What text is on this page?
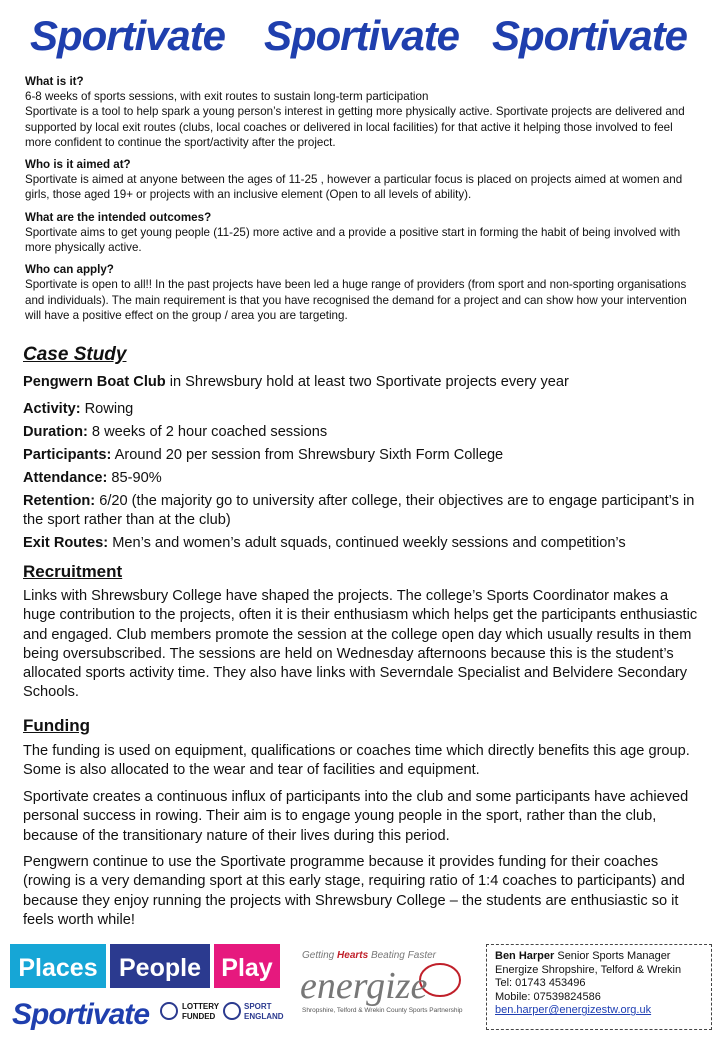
Sportivate Sportivate Sportivate

What is it?

6-8 weeks of sports sessions, with exit routes to sustain long-term participation

Sportivate is a tool to help spark a young person’s interest in getting more physically active. Sportivate projects are delivered and supported by local exit routes (clubs, local coaches or delivered in local facilities) for that active it helping those involved to feel more confident to continue the sport/activity after the project.

Who is it aimed at?

Sportivate is aimed at anyone between the ages of 11-25 , however a particular focus is placed on projects aimed at women and girls, those aged 19+ or projects with an inclusive element (Open to all levels of ability).

What are the intended outcomes?

Sportivate aims to get young people (11-25) more active and a provide a positive start in forming the habit of being involved with more physically active.

Who can apply?

Sportivate is open to all!! In the past projects have been led a huge range of providers (from sport and non-sporting organisations and individuals). The main requirement is that you have recognised the demand for a project and can show how your intervention will have a positive effect on the group / area you are targeting.

Case Study
Pengwern Boat Club in Shrewsbury hold at least two Sportivate projects every year
Activity: Rowing
Duration: 8 weeks of 2 hour coached sessions
Participants: Around 20 per session from Shrewsbury Sixth Form College
Attendance: 85-90%
Retention: 6/20 (the majority go to university after college, their objectives are to engage participant’s in the sport rather than at the club)
Exit Routes: Men’s and women’s adult squads, continued weekly sessions and competition’s
Recruitment

Links with Shrewsbury College have shaped the projects. The college’s Sports Coordinator makes a huge contribution to the projects, often it is their enthusiasm which helps get the participants enthusiastic and engaged. Club members promote the session at the college open day which usually results in them being oversubscribed. The sessions are held on Wednesday afternoons because this is the student’s allocated sports activity time. They also have links with Severndale Specialist and Belvidere Secondary Schools.

Funding

The funding is used on equipment, qualifications or coaches time which directly benefits this age group. Some is also allocated to the wear and tear of facilities and equipment.

Sportivate creates a continuous influx of participants into the club and some participants have achieved personal success in rowing. Their aim is to engage young people in the sport, rather than the club, because of the transitionary nature of their lives during this period.

Pengwern continue to use the Sportivate programme because it provides funding for their coaches (rowing is a very demanding sport at this early stage, requiring ratio of 1:4 coaches to participants) and because they enjoy running the projects with Shrewsbury College – the students are enthusiastic so it feels worth while!

Places People Play
Sportivate	LOTTERY
FUNDED
SPORT
ENGLAND
Getting Hearts Beating Faster
energize
Shropshire, Telford & Wrekin County Sports Partnership
Ben Harper Senior Sports Manager
Energize Shropshire, Telford & Wrekin
Tel: 01743 453496
Mobile: 07539824586
ben.harper@energizestw.org.uk
